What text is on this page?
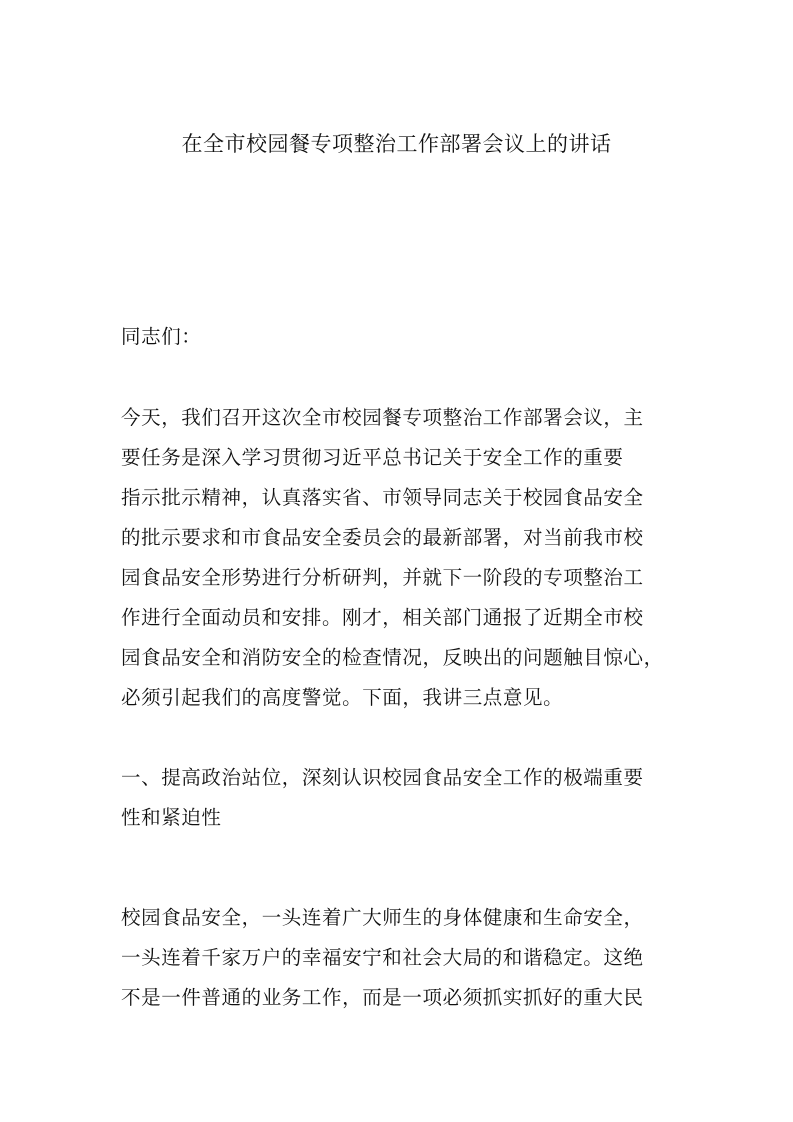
在全市校园餐专项整治工作部署会议上的讲话

同志们：

今天，我们召开这次全市校园餐专项整治工作部署会议，主

要任务是深入学习贯彻习近平总书记关于安全工作的重要

指示批示精神，认真落实省、市领导同志关于校园食品安全

的批示要求和市食品安全委员会的最新部署，对当前我市校

园食品安全形势进行分析研判，并就下一阶段的专项整治工

作进行全面动员和安排。刚才，相关部门通报了近期全市校

园食品安全和消防安全的检查情况，反映出的问题触目惊心，

必须引起我们的高度警觉。下面，我讲三点意见。

一、提高政治站位，深刻认识校园食品安全工作的极端重要

性和紧迫性

校园食品安全，一头连着广大师生的身体健康和生命安全，

一头连着千家万户的幸福安宁和社会大局的和谐稳定。这绝

不是一件普通的业务工作，而是一项必须抓实抓好的重大民
